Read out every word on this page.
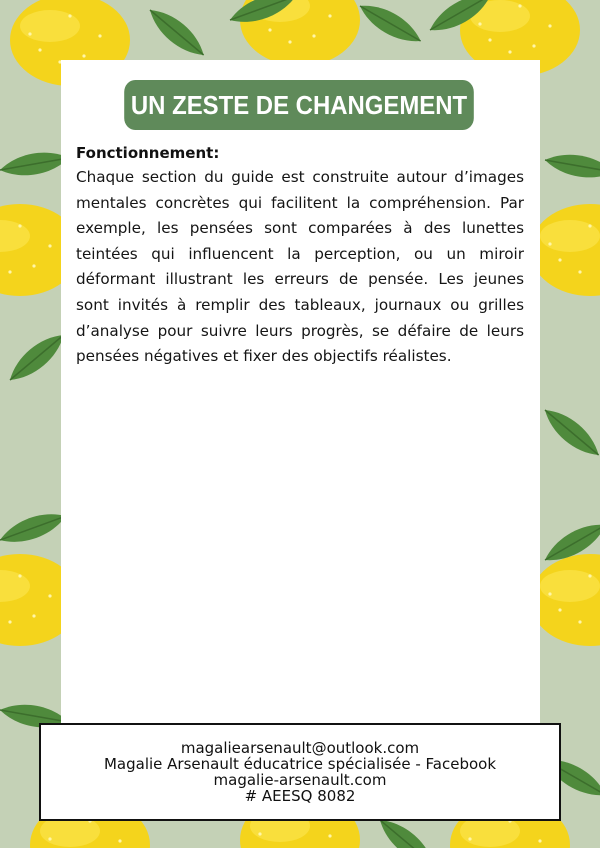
UN ZESTE DE CHANGEMENT
Fonctionnement:

Chaque section du guide est construite autour d’images mentales concrètes qui facilitent la compréhension. Par exemple, les pensées sont comparées à des lunettes teintées qui influencent la perception, ou un miroir déformant illustrant les erreurs de pensée. Les jeunes sont invités à remplir des tableaux, journaux ou grilles d’analyse pour suivre leurs progrès, se défaire de leurs pensées négatives et fixer des objectifs réalistes.

magaliearsenault@outlook.com
Magalie Arsenault éducatrice spécialisée - Facebook
magalie-arsenault.com
# AEESQ 8082
